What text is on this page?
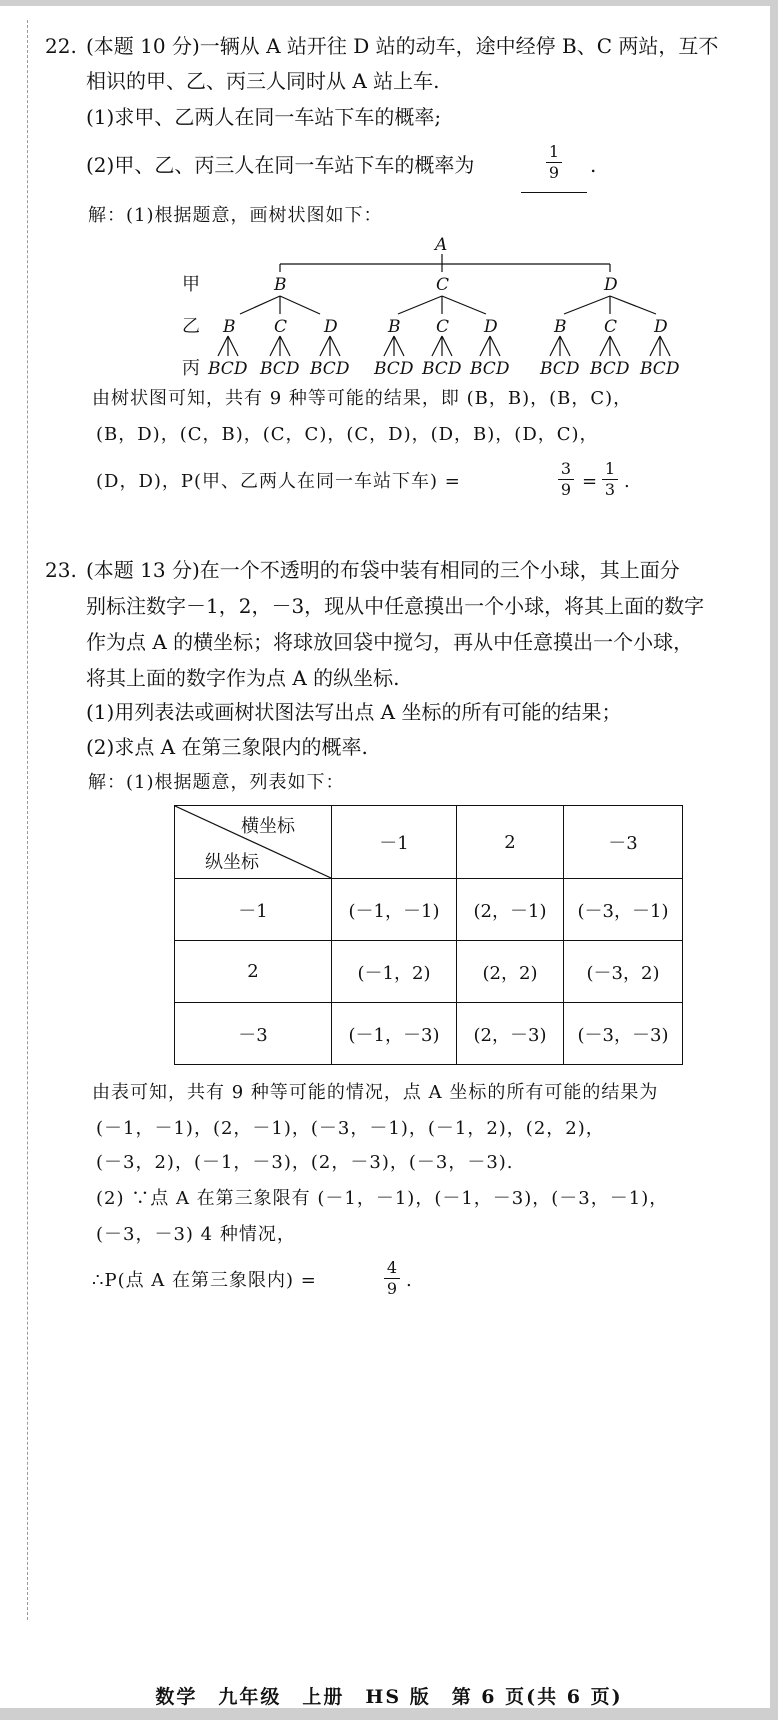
22. (本题 10 分)一辆从 A 站开往 D 站的动车，途中经停 B、C 两站，互不
相识的甲、乙、丙三人同时从 A 站上车.
(1)求甲、乙两人在同一车站下车的概率;
(2)甲、乙、丙三人在同一车站下车的概率为
1
9 .
解：(1)根据题意，画树状图如下：
A
甲
乙
丙
B	C	D
B C D	B C D	B C D
BCD BCD BCD BCD BCD BCD BCD BCD BCD
由树状图可知，共有 9 种等可能的结果，即 (B，B)，(B，C)，
(B，D)，(C，B)，(C，C)，(C，D)，(D，B)，(D，C)，
(D，D)，P(甲、乙两人在同一车站下车) =
3
9 =
1
3 .
23. (本题 13 分)在一个不透明的布袋中装有相同的三个小球，其上面分
别标注数字－1，2，－3，现从中任意摸出一个小球，将其上面的数字
作为点 A 的横坐标；将球放回袋中搅匀，再从中任意摸出一个小球，
将其上面的数字作为点 A 的纵坐标.
(1)用列表法或画树状图法写出点 A 坐标的所有可能的结果；
(2)求点 A 在第三象限内的概率.
解：(1)根据题意，列表如下：
横坐标
纵坐标	－1	2	－3
－1	(－1，－1)	(2，－1)	(－3，－1)
2	(－1，2)	(2，2)	(－3，2)
－3	(－1，－3)	(2，－3)	(－3，－3)
由表可知，共有 9 种等可能的情况，点 A 坐标的所有可能的结果为
(－1，－1)，(2，－1)，(－3，－1)，(－1，2)，(2，2)，
(－3，2)，(－1，－3)，(2，－3)，(－3，－3).
(2) ∵点 A 在第三象限有 (－1，－1)，(－1，－3)，(－3，－1)，
(－3，－3) 4 种情况，
∴P(点 A 在第三象限内) =
4
9 .
数学　九年级　上册　HS 版　第 6 页(共 6 页)
